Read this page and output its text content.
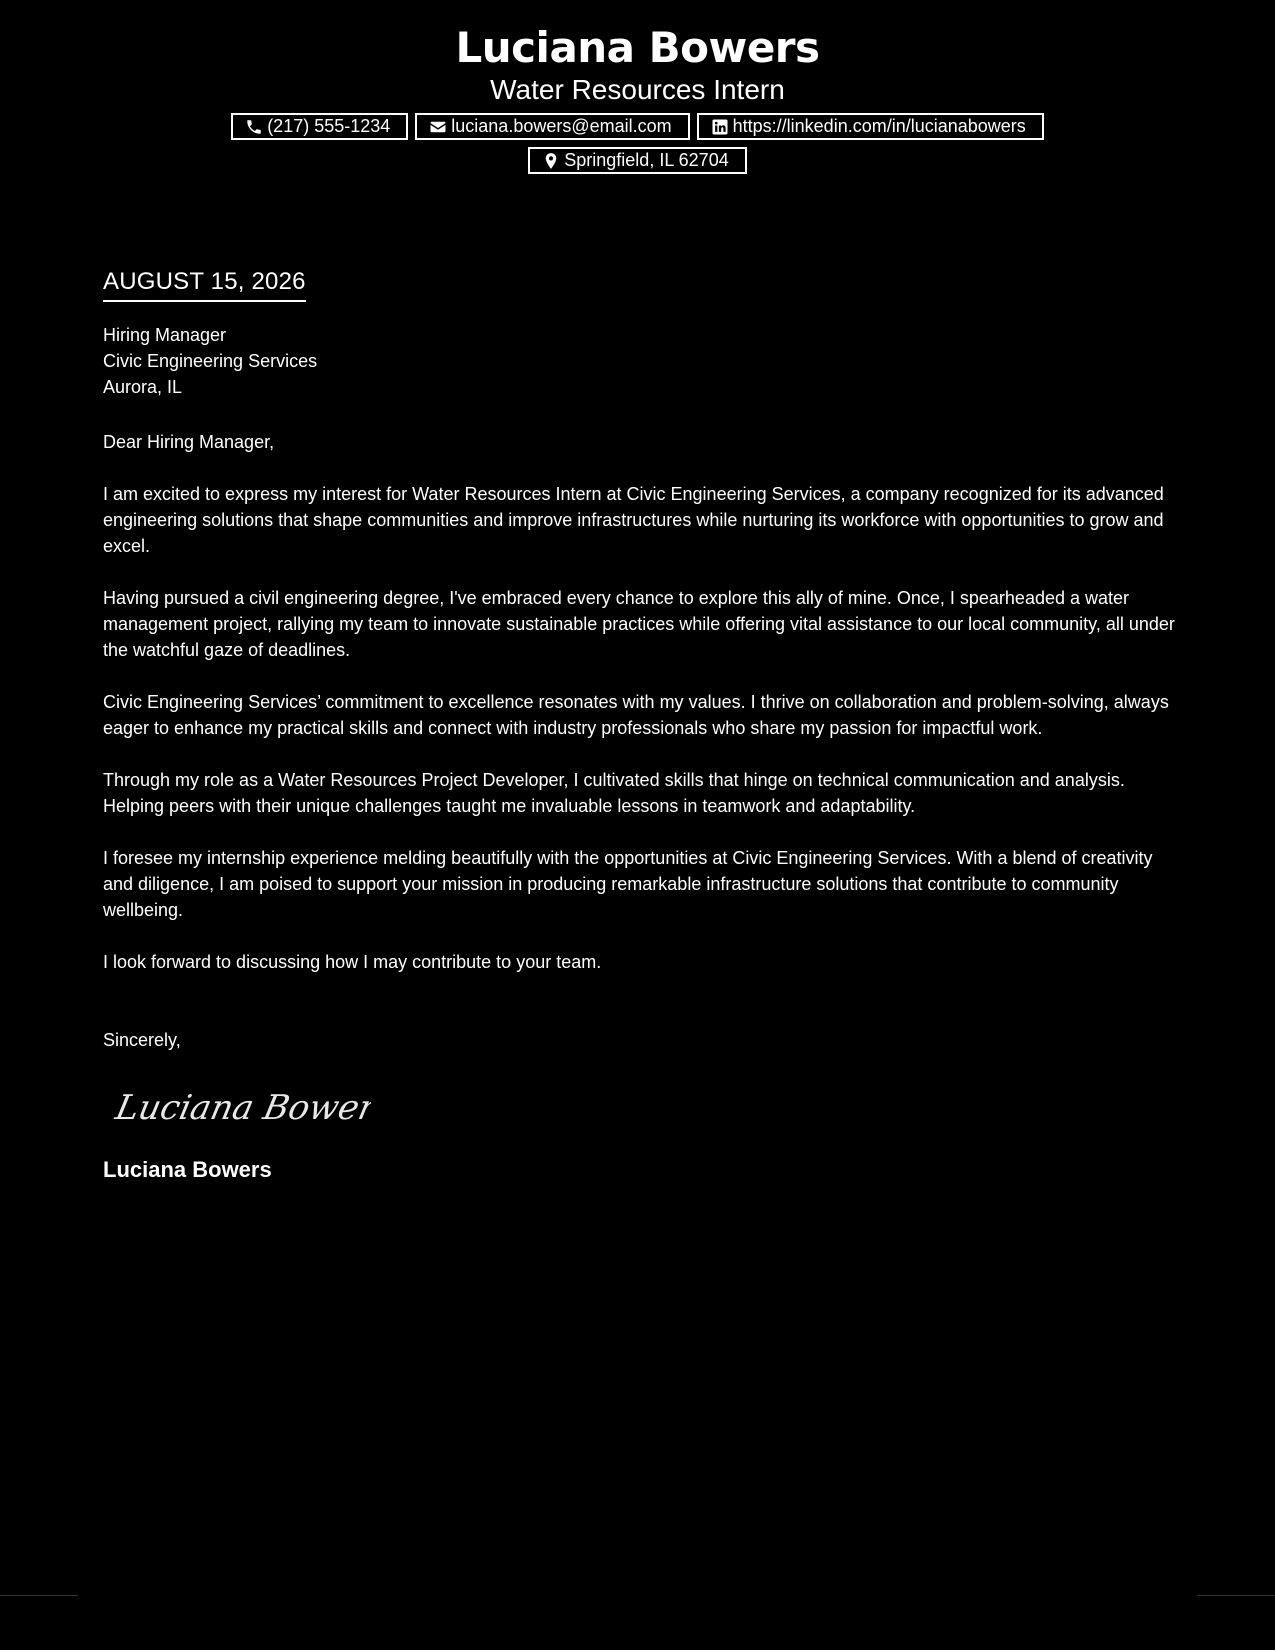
Luciana Bowers

Water Resources Intern

(217) 555-1234	luciana.bowers@email.com	https://linkedin.com/in/lucianabowers
Springfield, IL 62704
AUGUST 15, 2026
Hiring Manager
Civic Engineering Services
Aurora, IL
Dear Hiring Manager,

I am excited to express my interest for Water Resources Intern at Civic Engineering Services, a company recognized for its advanced engineering solutions that shape communities and improve infrastructures while nurturing its workforce with opportunities to grow and excel.

Having pursued a civil engineering degree, I've embraced every chance to explore this ally of mine. Once, I spearheaded a water management project, rallying my team to innovate sustainable practices while offering vital assistance to our local community, all under the watchful gaze of deadlines.

Civic Engineering Services’ commitment to excellence resonates with my values. I thrive on collaboration and problem-solving, always eager to enhance my practical skills and connect with industry professionals who share my passion for impactful work.

Through my role as a Water Resources Project Developer, I cultivated skills that hinge on technical communication and analysis. Helping peers with their unique challenges taught me invaluable lessons in teamwork and adaptability.

I foresee my internship experience melding beautifully with the opportunities at Civic Engineering Services. With a blend of creativity and diligence, I am poised to support your mission in producing remarkable infrastructure solutions that contribute to community wellbeing.

I look forward to discussing how I may contribute to your team.

Sincerely,
Luciana Bowers
Luciana Bowers
